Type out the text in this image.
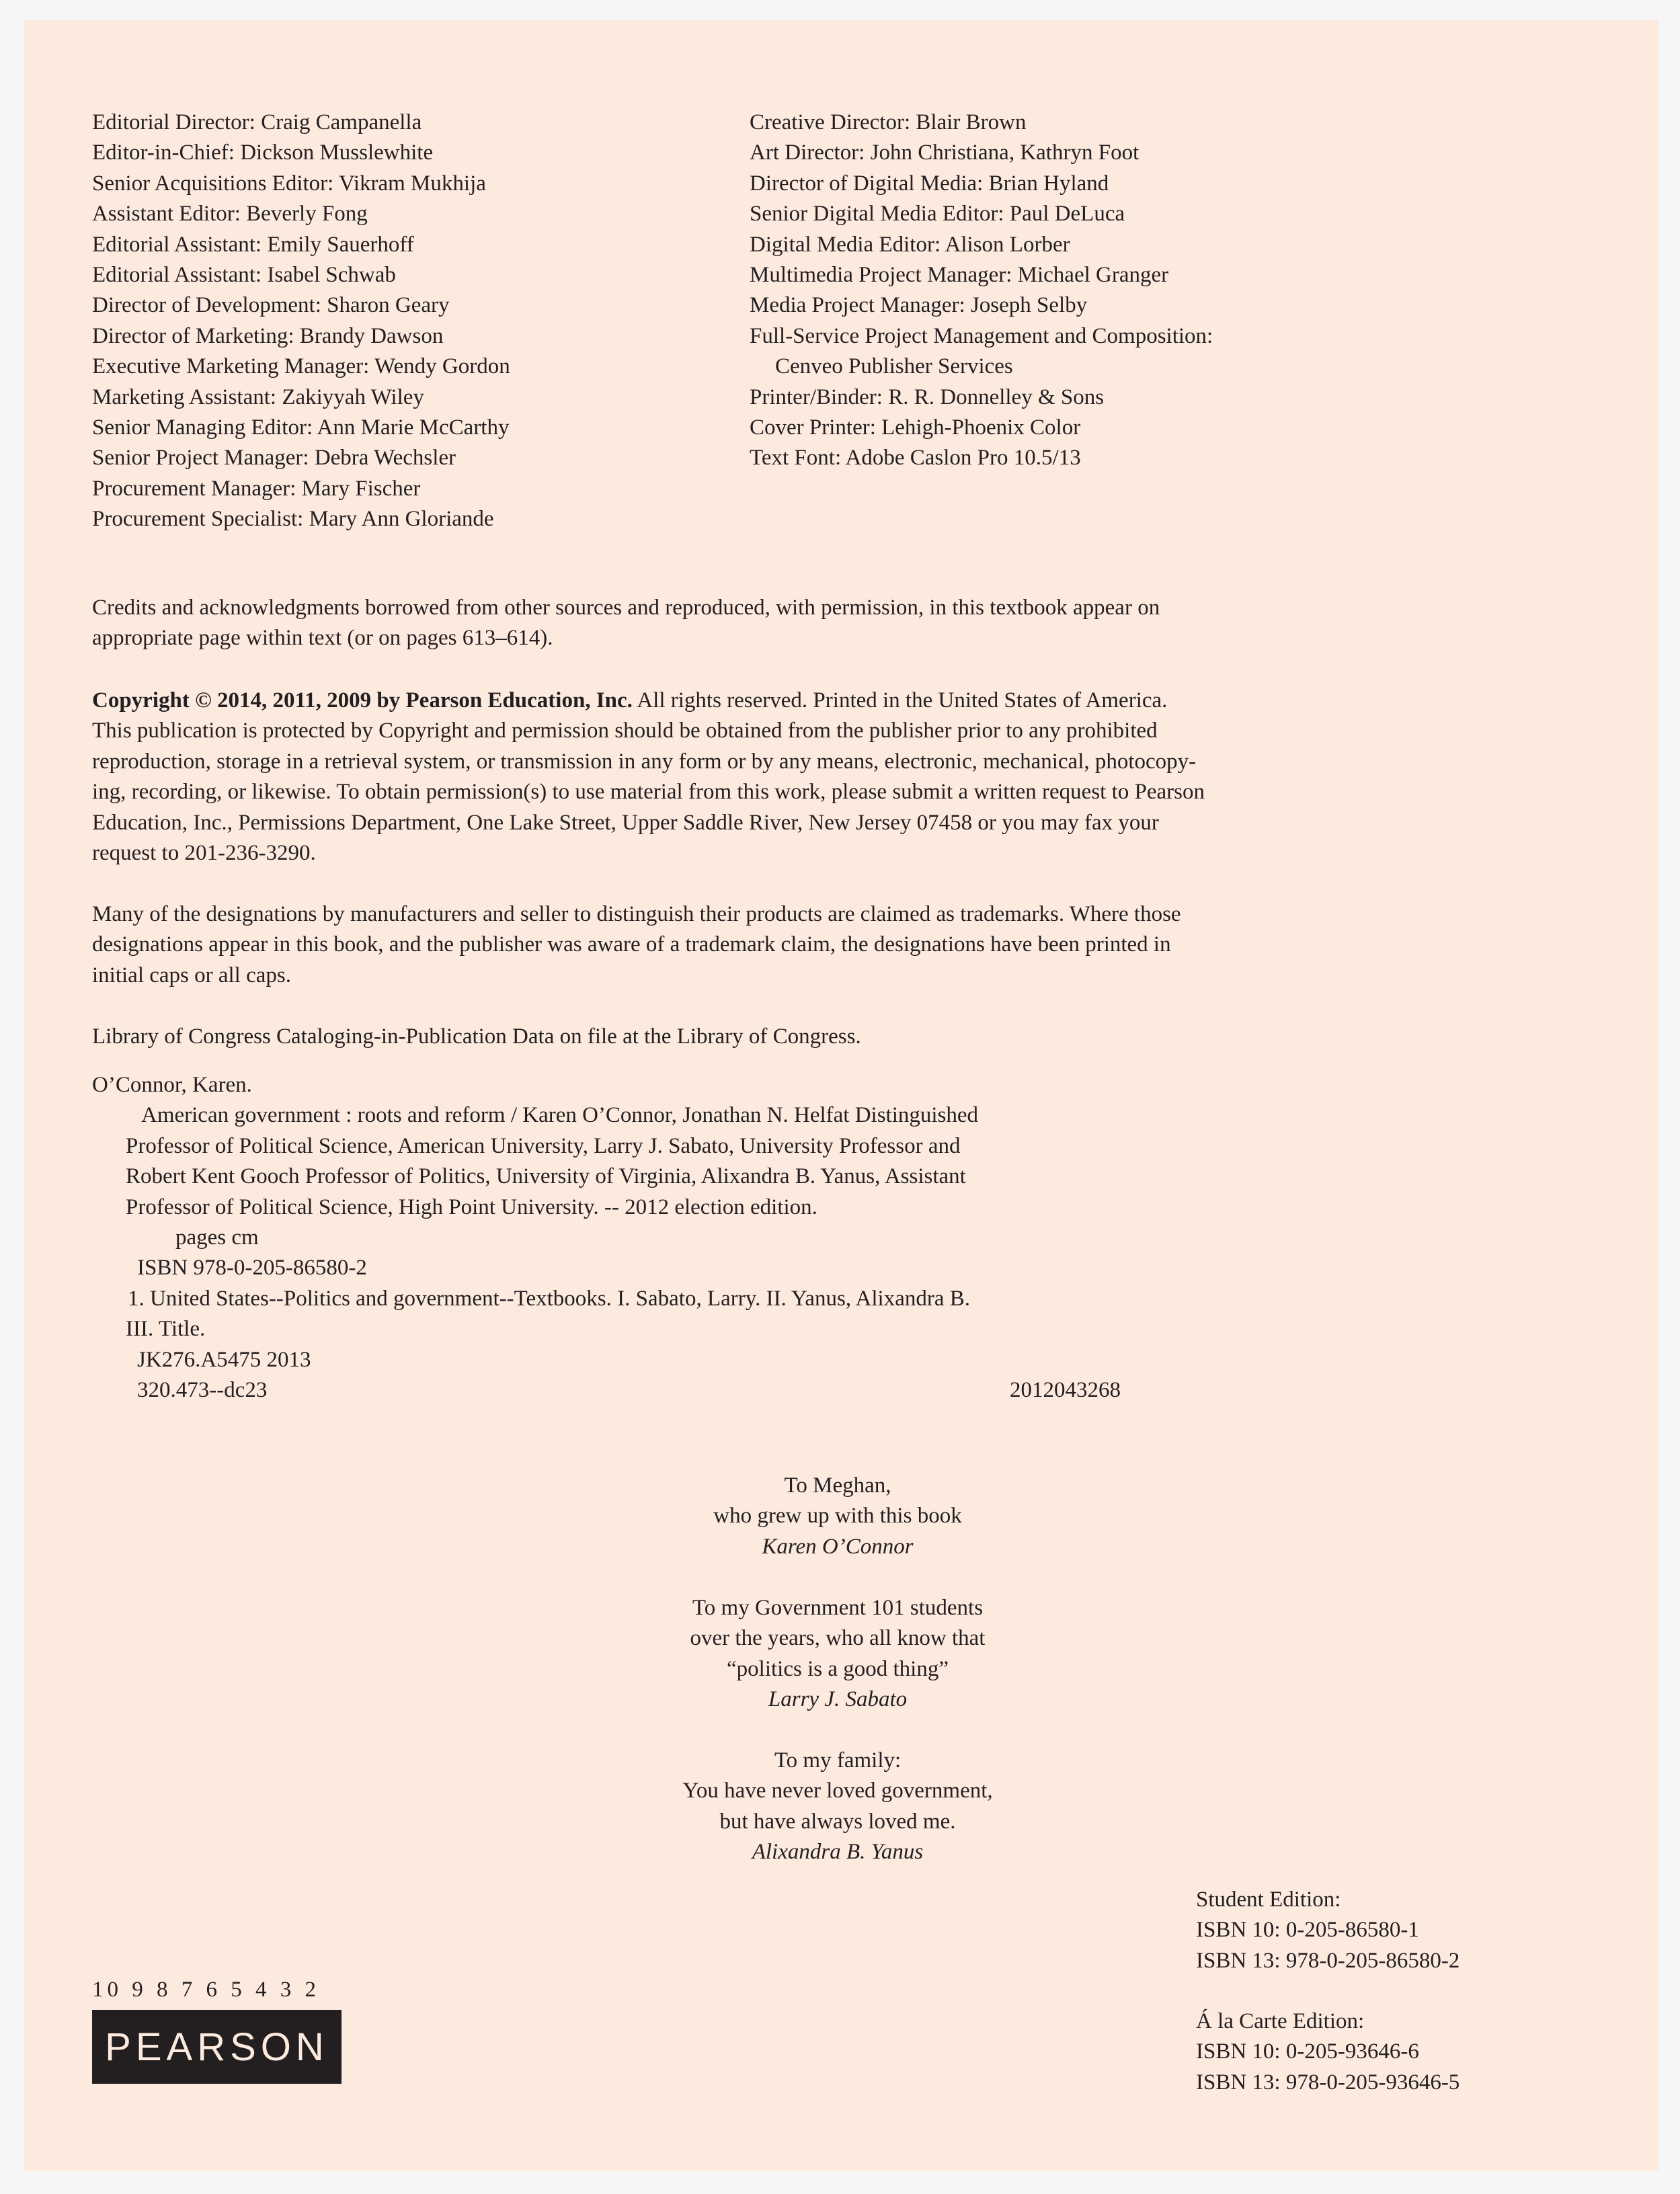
Editorial Director: Craig Campanella
Editor-in-Chief: Dickson Musslewhite
Senior Acquisitions Editor: Vikram Mukhija
Assistant Editor: Beverly Fong
Editorial Assistant: Emily Sauerhoff
Editorial Assistant: Isabel Schwab
Director of Development: Sharon Geary
Director of Marketing: Brandy Dawson
Executive Marketing Manager: Wendy Gordon
Marketing Assistant: Zakiyyah Wiley
Senior Managing Editor: Ann Marie McCarthy
Senior Project Manager: Debra Wechsler
Procurement Manager: Mary Fischer
Procurement Specialist: Mary Ann Gloriande
Creative Director: Blair Brown
Art Director: John Christiana, Kathryn Foot
Director of Digital Media: Brian Hyland
Senior Digital Media Editor: Paul DeLuca
Digital Media Editor: Alison Lorber
Multimedia Project Manager: Michael Granger
Media Project Manager: Joseph Selby
Full-Service Project Management and Composition:
Cenveo Publisher Services
Printer/Binder: R. R. Donnelley & Sons
Cover Printer: Lehigh-Phoenix Color
Text Font: Adobe Caslon Pro 10.5/13
Credits and acknowledgments borrowed from other sources and reproduced, with permission, in this textbook appear on
appropriate page within text (or on pages 613–614).
Copyright © 2014, 2011, 2009 by Pearson Education, Inc. All rights reserved. Printed in the United States of America.
This publication is protected by Copyright and permission should be obtained from the publisher prior to any prohibited
reproduction, storage in a retrieval system, or transmission in any form or by any means, electronic, mechanical, photocopy-
ing, recording, or likewise. To obtain permission(s) to use material from this work, please submit a written request to Pearson
Education, Inc., Permissions Department, One Lake Street, Upper Saddle River, New Jersey 07458 or you may fax your
request to 201-236-3290.
Many of the designations by manufacturers and seller to distinguish their products are claimed as trademarks. Where those
designations appear in this book, and the publisher was aware of a trademark claim, the designations have been printed in
initial caps or all caps.
Library of Congress Cataloging-in-Publication Data on file at the Library of Congress.
O’Connor, Karen.
American government : roots and reform / Karen O’Connor, Jonathan N. Helfat Distinguished
Professor of Political Science, American University, Larry J. Sabato, University Professor and
Robert Kent Gooch Professor of Politics, University of Virginia, Alixandra B. Yanus, Assistant
Professor of Political Science, High Point University. -- 2012 election edition.
pages cm
ISBN 978-0-205-86580-2
1. United States--Politics and government--Textbooks. I. Sabato, Larry. II. Yanus, Alixandra B.
III. Title.
JK276.A5475 2013
320.473--dc23	2012043268
To Meghan,
who grew up with this book
Karen O’Connor
To my Government 101 students
over the years, who all know that
“politics is a good thing”
Larry J. Sabato
To my family:
You have never loved government,
but have always loved me.
Alixandra B. Yanus
Student Edition:
ISBN 10: 0-205-86580-1
ISBN 13: 978-0-205-86580-2
Á la Carte Edition:
ISBN 10: 0-205-93646-6
ISBN 13: 978-0-205-93646-5
10 9 8 7 6 5 4 3 2
PEARSON
